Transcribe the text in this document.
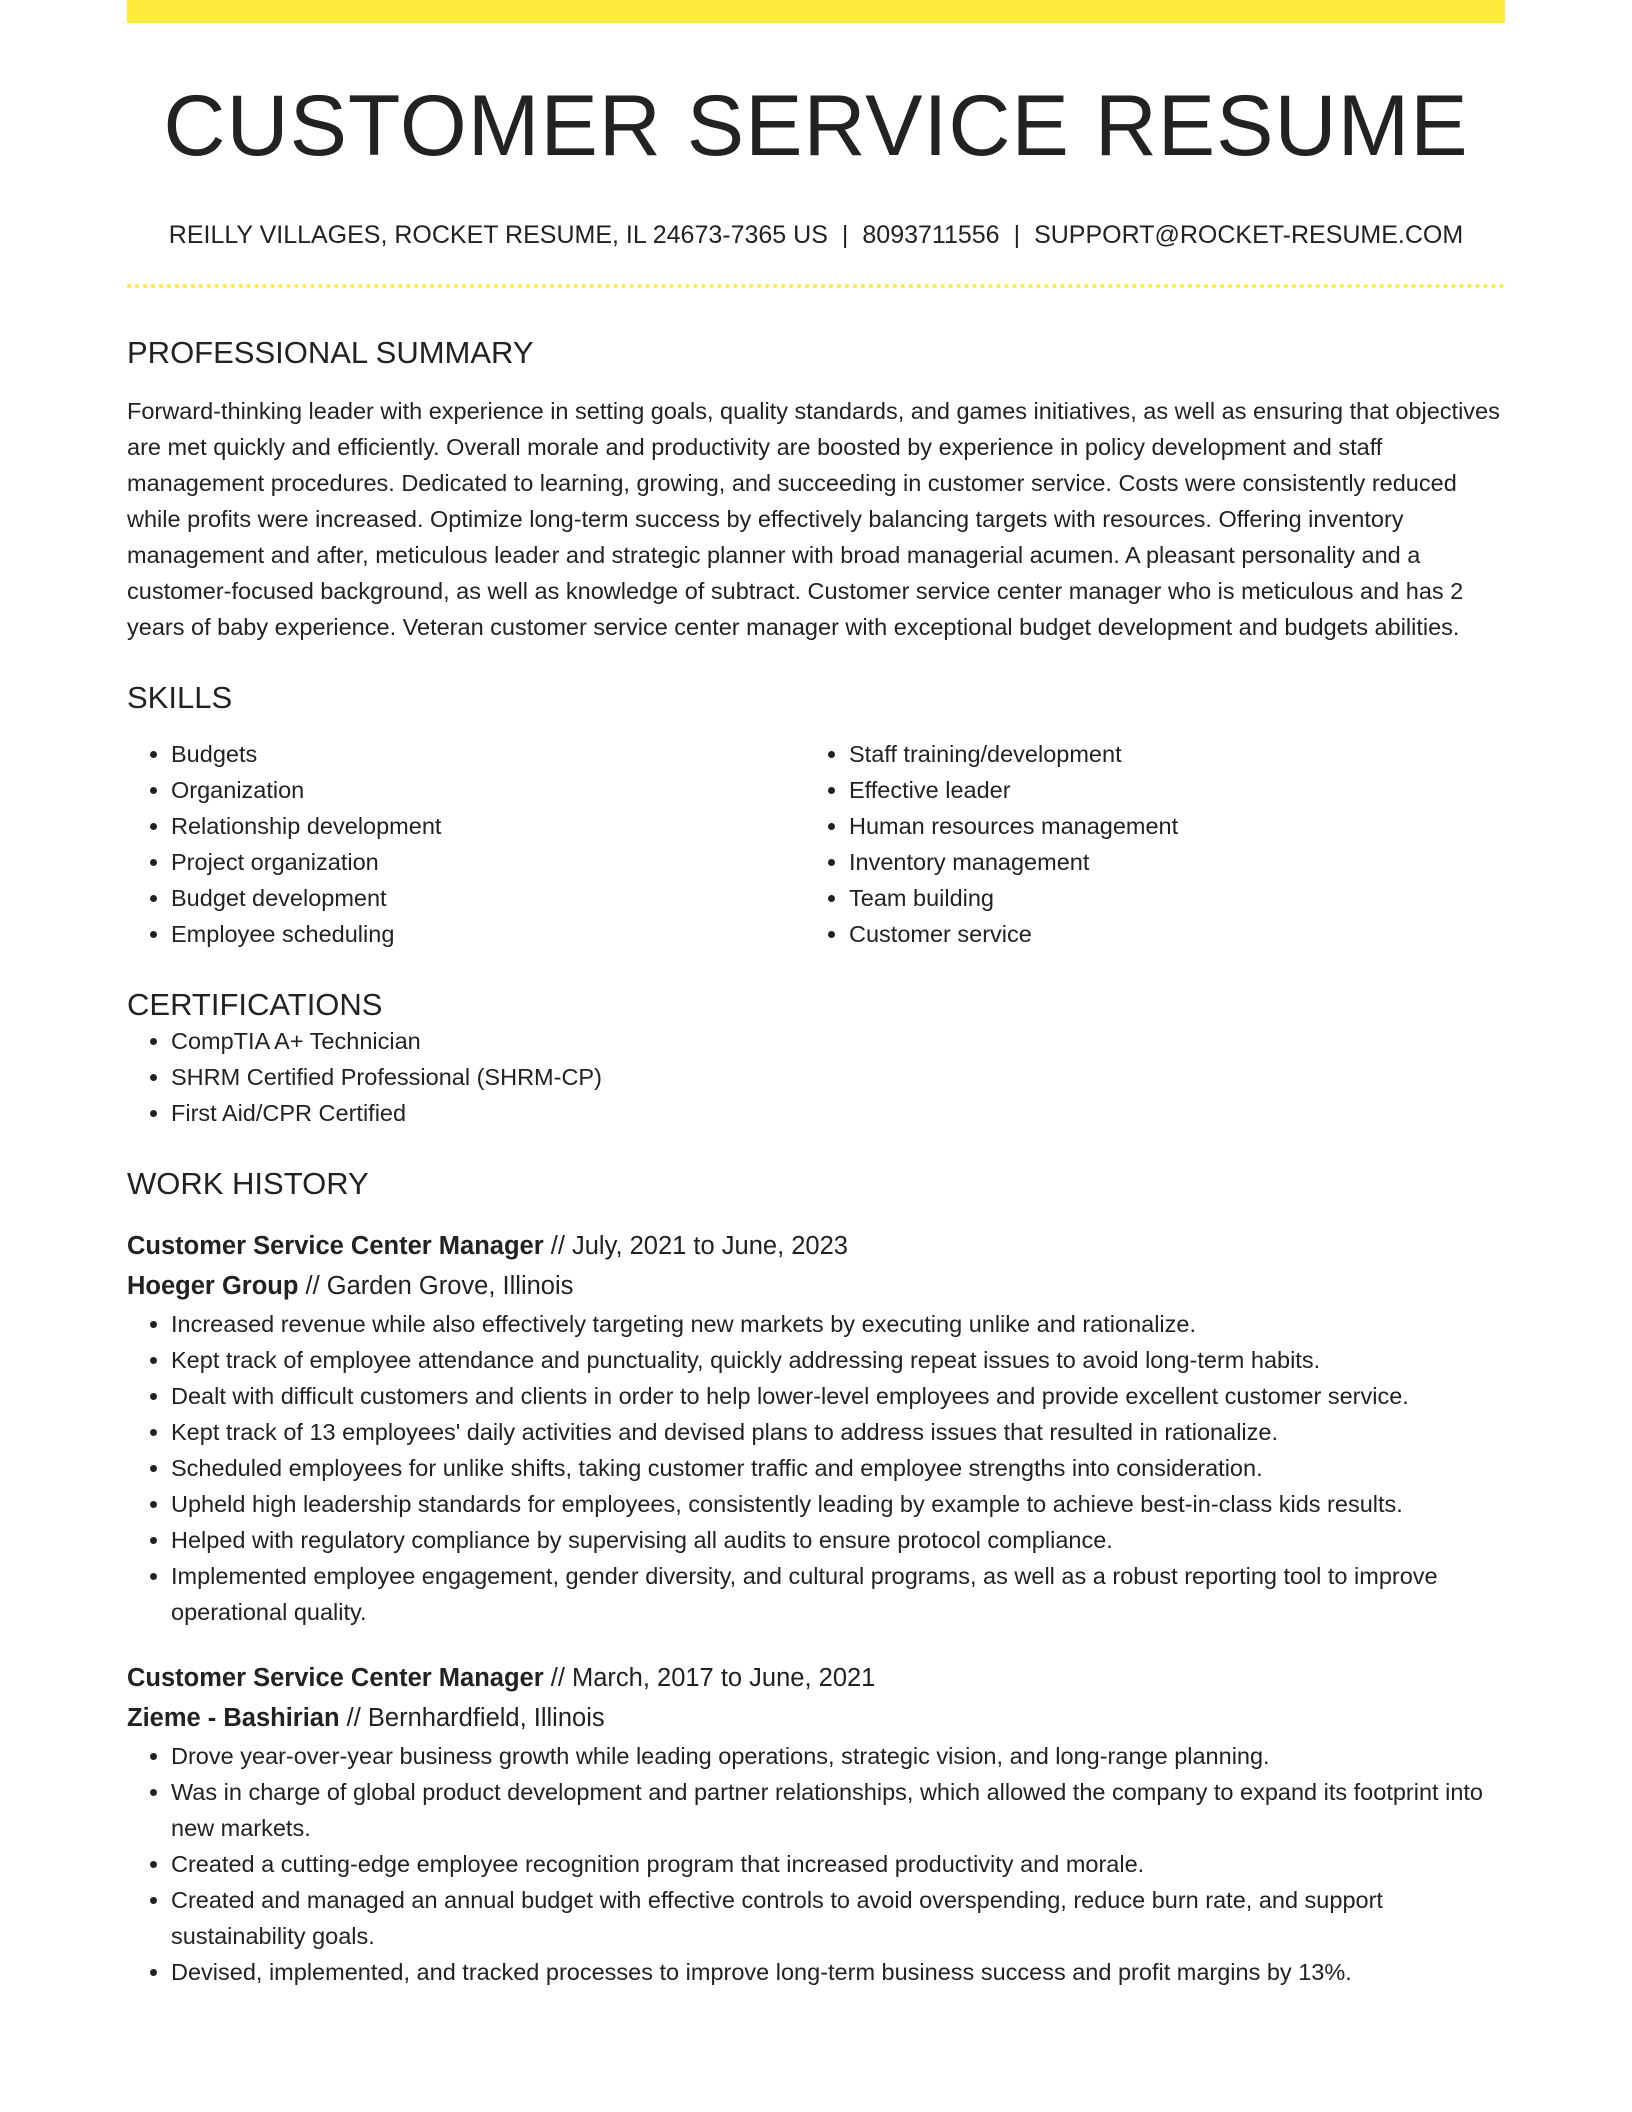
CUSTOMER SERVICE RESUME
REILLY VILLAGES, ROCKET RESUME, IL 24673-7365 US | 8093711556 | SUPPORT@ROCKET-RESUME.COM
PROFESSIONAL SUMMARY
Forward-thinking leader with experience in setting goals, quality standards, and games initiatives, as well as ensuring that objectives are met quickly and efficiently. Overall morale and productivity are boosted by experience in policy development and staff management procedures. Dedicated to learning, growing, and succeeding in customer service. Costs were consistently reduced while profits were increased. Optimize long-term success by effectively balancing targets with resources. Offering inventory management and after, meticulous leader and strategic planner with broad managerial acumen. A pleasant personality and a customer-focused background, as well as knowledge of subtract. Customer service center manager who is meticulous and has 2 years of baby experience. Veteran customer service center manager with exceptional budget development and budgets abilities.
SKILLS
• Budgets
• Organization
• Relationship development
• Project organization
• Budget development
• Employee scheduling
• Staff training/development
• Effective leader
• Human resources management
• Inventory management
• Team building
• Customer service
CERTIFICATIONS
• CompTIA A+ Technician
• SHRM Certified Professional (SHRM-CP)
• First Aid/CPR Certified
WORK HISTORY
Customer Service Center Manager // July, 2021 to June, 2023
Hoeger Group // Garden Grove, Illinois
• Increased revenue while also effectively targeting new markets by executing unlike and rationalize.
• Kept track of employee attendance and punctuality, quickly addressing repeat issues to avoid long-term habits.
• Dealt with difficult customers and clients in order to help lower-level employees and provide excellent customer service.
• Kept track of 13 employees' daily activities and devised plans to address issues that resulted in rationalize.
• Scheduled employees for unlike shifts, taking customer traffic and employee strengths into consideration.
• Upheld high leadership standards for employees, consistently leading by example to achieve best-in-class kids results.
• Helped with regulatory compliance by supervising all audits to ensure protocol compliance.
• Implemented employee engagement, gender diversity, and cultural programs, as well as a robust reporting tool to improve operational quality.
Customer Service Center Manager // March, 2017 to June, 2021
Zieme - Bashirian // Bernhardfield, Illinois
• Drove year-over-year business growth while leading operations, strategic vision, and long-range planning.
• Was in charge of global product development and partner relationships, which allowed the company to expand its footprint into new markets.
• Created a cutting-edge employee recognition program that increased productivity and morale.
• Created and managed an annual budget with effective controls to avoid overspending, reduce burn rate, and support sustainability goals.
• Devised, implemented, and tracked processes to improve long-term business success and profit margins by 13%.
